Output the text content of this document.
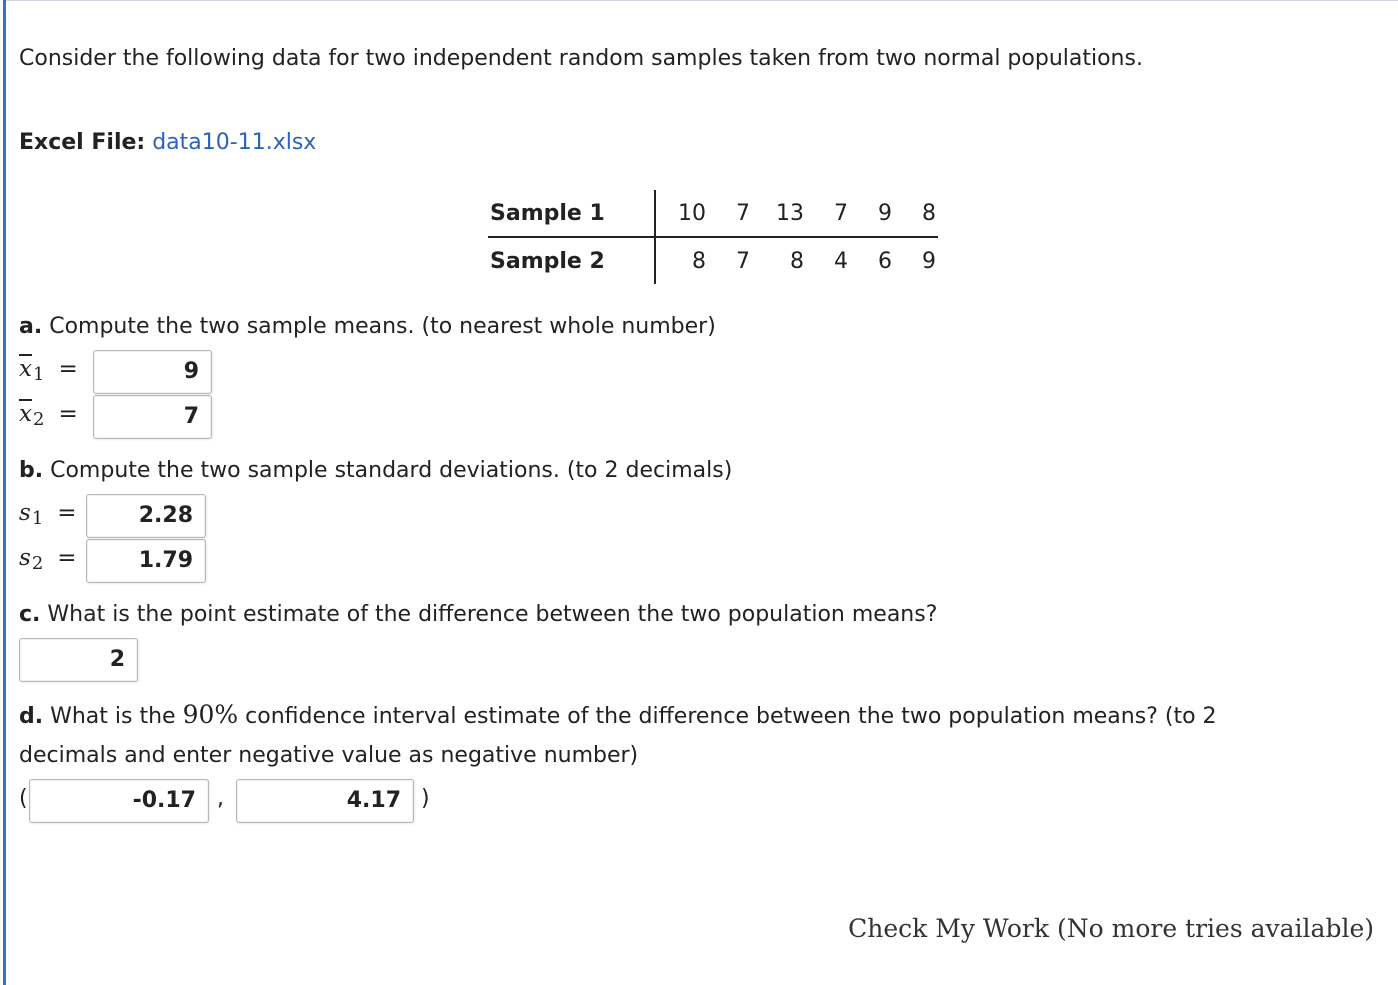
Consider the following data for two independent random samples taken from two normal populations.
Excel File: data10-11.xlsx
Sample 1	10	7	13	7	9	8
Sample 2	8	7	8	4	6	9
a. Compute the two sample means. (to nearest whole number)
$\overline{x}1$ =	9
$\overline{x}2$ =	7
b. Compute the two sample standard deviations. (to 2 decimals)
s1 =	2.28
s2 =	1.79
c. What is the point estimate of the difference between the two population means?
2
d. What is the 90% confidence interval estimate of the difference between the two population means? (to 2
decimals and enter negative value as negative number)
(	-0.17 ,	4.17 )
Check My Work (No more tries available)
